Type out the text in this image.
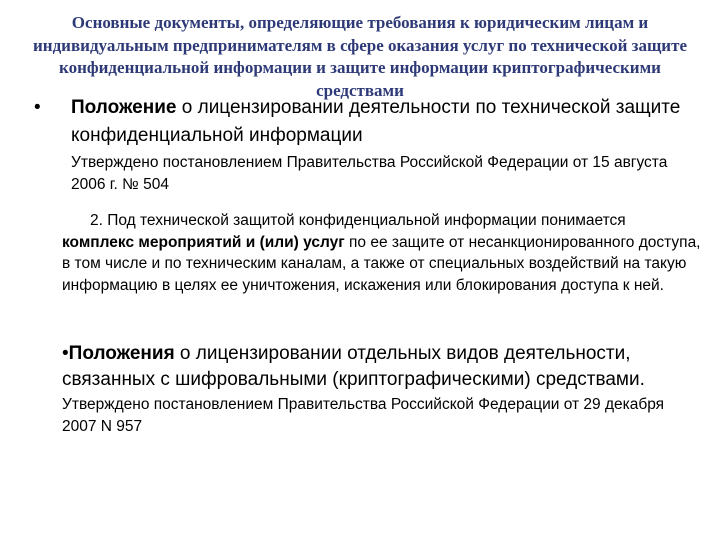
Основные документы, определяющие требования к юридическим лицам и индивидуальным предпринимателям в сфере оказания услуг по технической защите конфиденциальной информации и защите информации криптографическими средствами
• Положение о лицензировании деятельности по технической защите конфиденциальной информации
Утверждено постановлением Правительства Российской Федерации от 15 августа 2006 г. № 504
2. Под технической защитой конфиденциальной информации понимается комплекс мероприятий и (или) услуг по ее защите от несанкционированного доступа, в том числе и по техническим каналам, а также от специальных воздействий на такую информацию в целях ее уничтожения, искажения или блокирования доступа к ней.
•Положения о лицензировании отдельных видов деятельности, связанных с шифровальными (криптографическими) средствами.
Утверждено постановлением Правительства Российской Федерации от 29 декабря 2007 N 957
